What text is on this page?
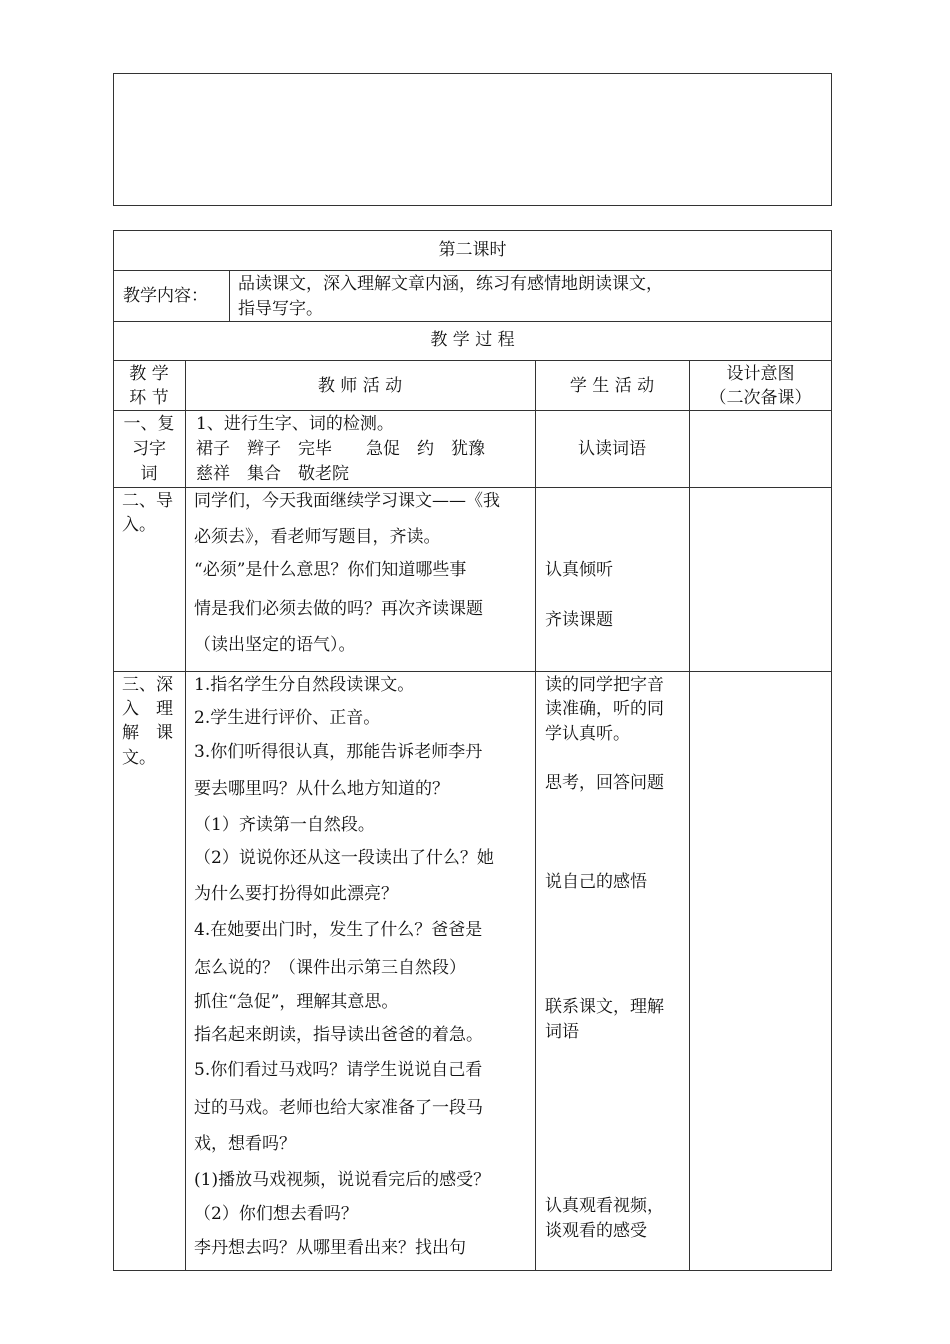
第二课时
教学内容：
品读课文，深入理解文章内涵，练习有感情地朗读课文，
指导写字。
教 学 过 程
教 学
环 节
教 师 活 动	学 生 活 动
设计意图
（二次备课）
一、复
习字
词
1、进行生字、词的检测。
裙子　辫子　完毕　　急促　约　犹豫
慈祥　集合　敬老院
认读词语
二、导
入。
同学们，今天我面继续学习课文——《我
必须去》，看老师写题目，齐读。
“必须”是什么意思？你们知道哪些事
情是我们必须去做的吗？再次齐读课题
（读出坚定的语气）。
认真倾听
齐读课题
三、深
入　理
解　课
文。
1.指名学生分自然段读课文。
2.学生进行评价、正音。
3.你们听得很认真，那能告诉老师李丹
要去哪里吗？从什么地方知道的？
（1）齐读第一自然段。
（2）说说你还从这一段读出了什么？她
为什么要打扮得如此漂亮？
4.在她要出门时，发生了什么？爸爸是
怎么说的？（课件出示第三自然段）
抓住“急促”，理解其意思。
指名起来朗读，指导读出爸爸的着急。
5.你们看过马戏吗？请学生说说自己看
过的马戏。老师也给大家准备了一段马
戏，想看吗？
(1)播放马戏视频，说说看完后的感受？
（2）你们想去看吗？
李丹想去吗？从哪里看出来？找出句
读的同学把字音
读准确，听的同
学认真听。
思考，回答问题
说自己的感悟
联系课文，理解
词语
认真观看视频，
谈观看的感受
